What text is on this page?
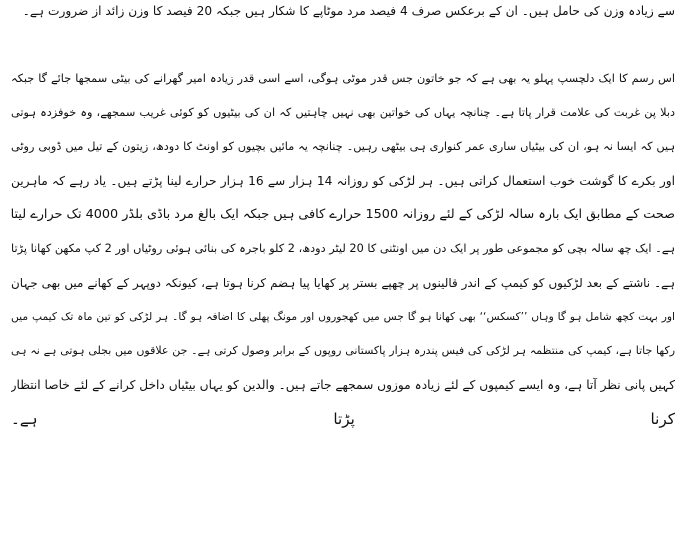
سے زیادہ وزن کی حامل ہیں۔ ان کے برعکس صرف 4 فیصد مرد موٹاپے کا شکار ہیں جبکہ 20 فیصد کا وزن زائد از ضرورت ہے۔
اس رسم کا ایک دلچسپ پہلو یہ بھی ہے کہ جو خاتون جس قدر موٹی ہوگی، اسے اسی قدر زیادہ امیر گھرانے کی بیٹی سمجھا جائے گا جبکہ
دبلا پن غربت کی علامت قرار پاتا ہے۔ چنانچہ یہاں کی خواتین بھی نہیں چاہتیں کہ ان کی بیٹیوں کو کوئی غریب سمجھے، وہ خوفزدہ ہوتی
ہیں کہ ایسا نہ ہو، ان کی بیٹیاں ساری عمر کنواری ہی بیٹھی رہیں۔ چنانچہ یہ مائیں بچیوں کو اونٹ کا دودھ، زیتون کے تیل میں ڈوبی روٹی
اور بکرے کا گوشت خوب استعمال کراتی ہیں۔ ہر لڑکی کو روزانہ 14 ہزار سے 16 ہزار حرارے لینا پڑتے ہیں۔ یاد رہے کہ ماہرین
صحت کے مطابق ایک بارہ سالہ لڑکی کے لئے روزانہ 1500 حرارے کافی ہیں جبکہ ایک بالغ مرد باڈی بلڈر 4000 تک حرارے لیتا
ہے۔ ایک چھ سالہ بچی کو مجموعی طور پر ایک دن میں اونٹنی کا 20 لیٹر دودھ، 2 کلو باجرہ کی بنائی ہوئی روٹیاں اور 2 کپ مکھن کھانا پڑتا
ہے۔ ناشتے کے بعد لڑکیوں کو کیمپ کے اندر قالینوں پر چھپے بستر پر کھایا پیا ہضم کرنا ہوتا ہے، کیونکہ دوپہر کے کھانے میں بھی جہان
اور بہت کچھ شامل ہو گا وہاں ’’کسکس‘‘ بھی کھانا ہو گا جس میں کھجوروں اور مونگ پھلی کا اضافہ ہو گا۔ ہر لڑکی کو تین ماہ تک کیمپ میں
رکھا جاتا ہے، کیمپ کی منتظمہ ہر لڑکی کی فیس پندرہ ہزار پاکستانی روپوں کے برابر وصول کرتی ہے۔ جن علاقوں میں بجلی ہوتی ہے نہ ہی
کہیں پانی نظر آتا ہے، وہ ایسے کیمپوں کے لئے زیادہ موزوں سمجھے جاتے ہیں۔ والدین کو یہاں بیٹیاں داخل کرانے کے لئے خاصا انتظار
کرنا پڑتا ہے۔
